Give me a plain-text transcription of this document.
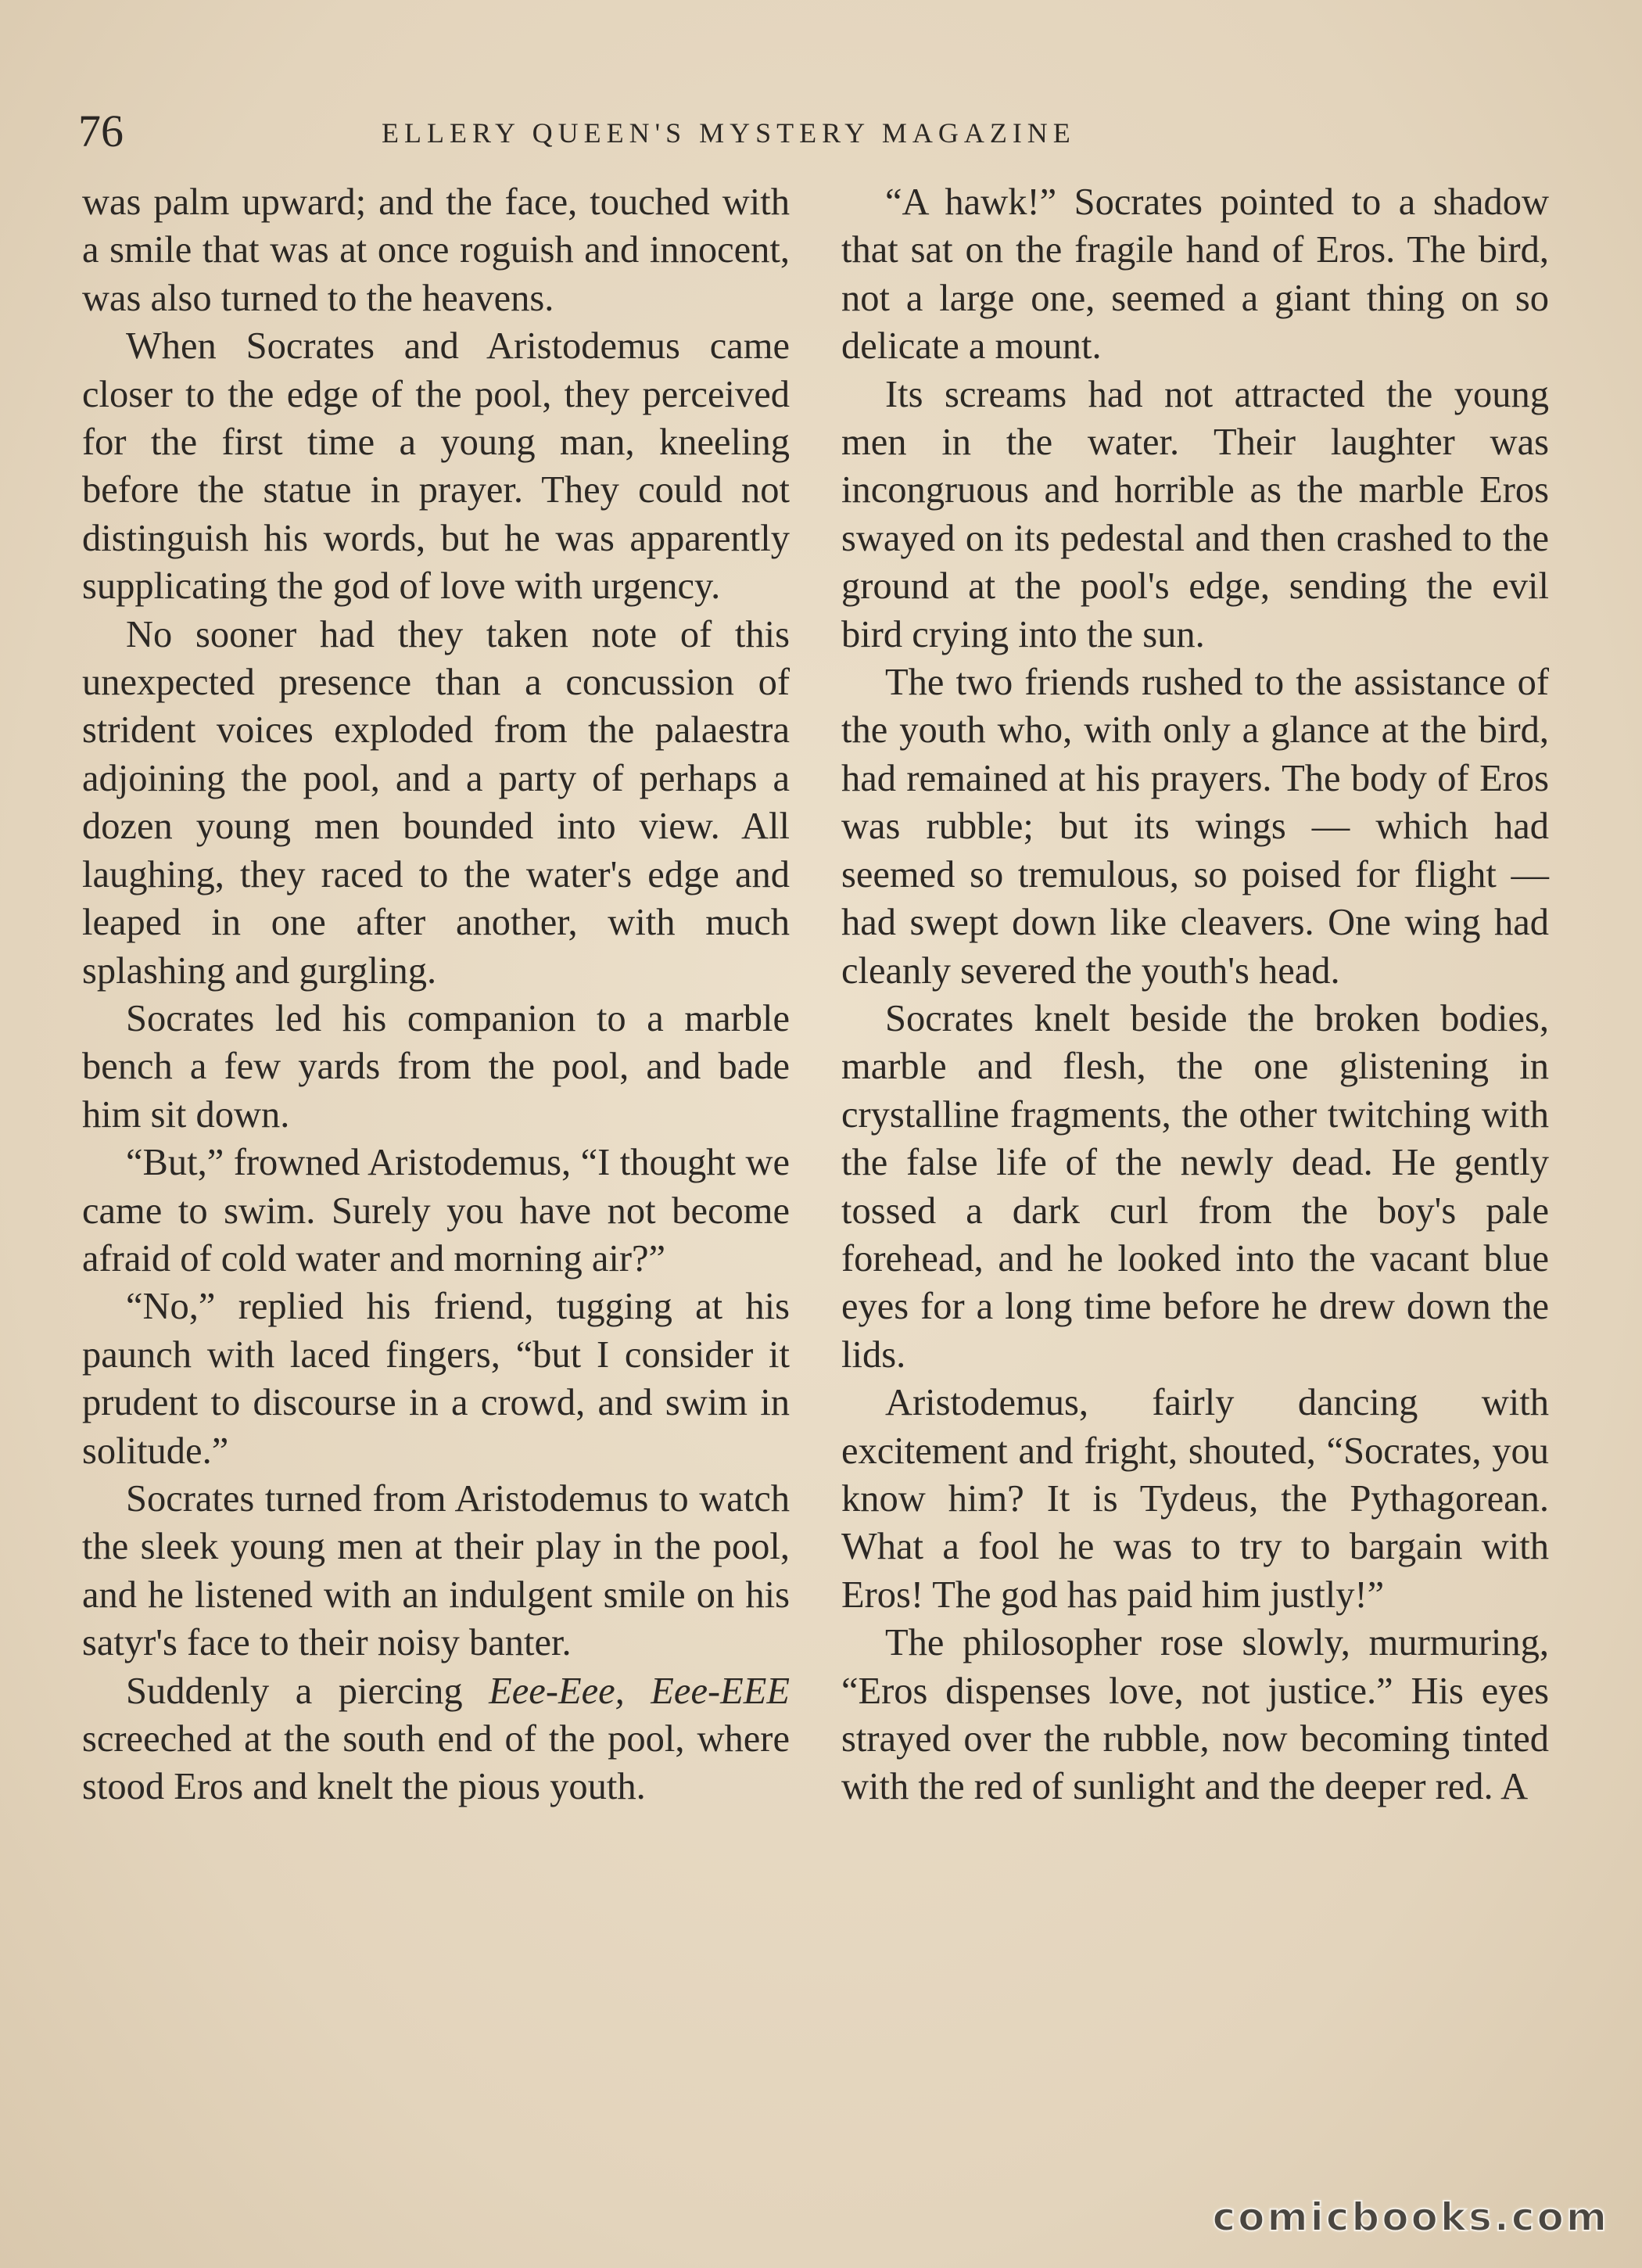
76	ELLERY QUEEN'S MYSTERY MAGAZINE

was palm upward; and the face, touched with a smile that was at once roguish and innocent, was also turned to the heavens.

When Socrates and Aristodemus came closer to the edge of the pool, they perceived for the first time a young man, kneeling before the statue in prayer. They could not distinguish his words, but he was apparently supplicating the god of love with urgency.

No sooner had they taken note of this unexpected presence than a concussion of strident voices exploded from the palaestra adjoining the pool, and a party of perhaps a dozen young men bounded into view. All laughing, they raced to the water's edge and leaped in one after another, with much splashing and gurgling.

Socrates led his companion to a marble bench a few yards from the pool, and bade him sit down.

“But,” frowned Aristodemus, “I thought we came to swim. Surely you have not become afraid of cold water and morning air?”

“No,” replied his friend, tugging at his paunch with laced fingers, “but I consider it prudent to discourse in a crowd, and swim in solitude.”

Socrates turned from Aristodemus to watch the sleek young men at their play in the pool, and he listened with an indulgent smile on his satyr's face to their noisy banter.

Suddenly a piercing Eee-Eee, Eee-EEE screeched at the south end of the pool, where stood Eros and knelt the pious youth.

“A hawk!” Socrates pointed to a shadow that sat on the fragile hand of Eros. The bird, not a large one, seemed a giant thing on so delicate a mount.

Its screams had not attracted the young men in the water. Their laughter was incongruous and horrible as the marble Eros swayed on its pedestal and then crashed to the ground at the pool's edge, sending the evil bird crying into the sun.

The two friends rushed to the assistance of the youth who, with only a glance at the bird, had remained at his prayers. The body of Eros was rubble; but its wings — which had seemed so tremulous, so poised for flight — had swept down like cleavers. One wing had cleanly severed the youth's head.

Socrates knelt beside the broken bodies, marble and flesh, the one glistening in crystalline fragments, the other twitching with the false life of the newly dead. He gently tossed a dark curl from the boy's pale forehead, and he looked into the vacant blue eyes for a long time before he drew down the lids.

Aristodemus, fairly dancing with excitement and fright, shouted, “Socrates, you know him? It is Tydeus, the Pythagorean. What a fool he was to try to bargain with Eros! The god has paid him justly!”

The philosopher rose slowly, murmuring, “Eros dispenses love, not justice.” His eyes strayed over the rubble, now becoming tinted with the red of sunlight and the deeper red. A

comicbooks.com
